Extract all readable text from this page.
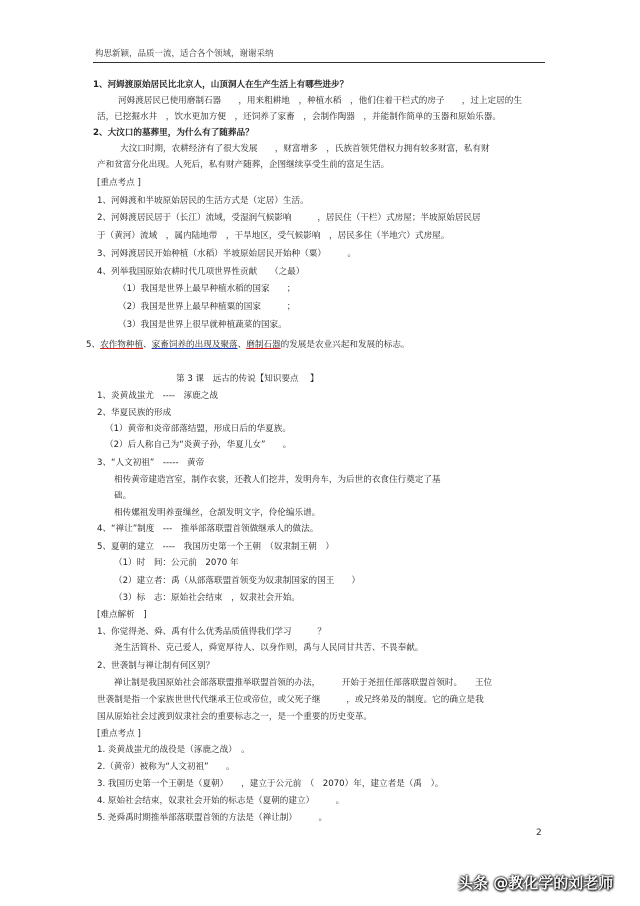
构思新颖，品质一流，适合各个领域，谢谢采纳
1、河姆渡原始居民比北京人，山顶洞人在生产生活上有哪些进步？
河姆渡居民已使用磨制石器　　，用来粗耕地　，种植水稻　，他们住着干栏式的房子　　，过上定居的生
活，已挖掘水井　，饮水更加方便　，还饲养了家畜　，会制作陶器　，并能制作简单的玉器和原始乐器。
2、大汶口的墓葬里，为什么有了随葬品？
大汶口时期，农耕经济有了很大发展　　，财富增多　，氏族首领凭借权力拥有较多财富，私有财
产和贫富分化出现。人死后，私有财产随葬，企图继续享受生前的富足生活。
[重点考点 ]
1、河姆渡和半坡原始居民的生活方式是（定居）生活。
2、河姆渡居民居于（长江）流域，受湿润气候影响　　　，居民住（干栏）式房屋；半坡原始居民居
于（黄河）流域　，属内陆地带　，干旱地区，受气候影响　，居民多住（半地穴）式房屋。
3、河姆渡居民开始种植（水稻）半坡原始居民开始种（粟）　　　。
4、列举我国原始农耕时代几项世界性贡献　　（之最）
（1）我国是世界上最早种植水稻的国家　　；
（2）我国是世界上最早种植粟的国家　　　；
（3）我国是世界上很早就种植蔬菜的国家。
5、农作物种植、家畜饲养的出现及聚落、磨制石器的发展是农业兴起和发展的标志。
第 3 课　远古的传说【知识要点　 】
1、炎黄战蚩尤　----　涿鹿之战
2、华夏民族的形成
（1）黄帝和炎帝部落结盟，形成日后的华夏族。
（2）后人称自己为“炎黄子孙，华夏儿女”　　。
3、“人文初祖”　-----　黄帝
相传黄帝建造宫室，制作衣裳，还教人们挖井，发明舟车，为后世的衣食住行奠定了基
础。
相传嫘祖发明养蚕缫丝，仓颉发明文字，伶伦编乐谱。
4、“禅让”制度　---　推举部落联盟首领做继承人的做法。
5、夏朝的建立　----　我国历史第一个王朝　（奴隶制王朝　）
（1）时　间：公元前　2070 年
（2）建立者：禹（从部落联盟首领变为奴隶制国家的国王　　）
（3）标　志：原始社会结束　，奴隶社会开始。
[难点解析　]
1、你觉得尧、舜、禹有什么优秀品质值得我们学习　　　？
尧生活简朴、克己爱人，舜宽厚待人、以身作则，禹与人民同甘共苦、不畏奉献。
2、世袭制与禅让制有何区别？
禅让制是我国原始社会部落联盟推举联盟首领的办法，　　　开始于尧扭任部落联盟首领时。　　王位
世袭制是指一个家族世世代代继承王位或帝位，或父死子继　　　，或兄终弟及的制度。它的确立是我
国从原始社会过渡到奴隶社会的重要标志之一，是一个重要的历史变革。
[重点考点 ]
1. 炎黄战蚩尤的战役是（涿鹿之战）　。
2.（黄帝）被称为“人文初祖”　　。
3. 我国历史第一个王朝是（夏朝）　　，建立于公元前　（　2070）年，建立者是（禹　）。
4. 原始社会结束，奴隶社会开始的标志是（夏朝的建立）　　　。
5. 尧舜禹时期推举部落联盟首领的方法是（禅让制）　　　。
2
头条 @教化学的刘老师
